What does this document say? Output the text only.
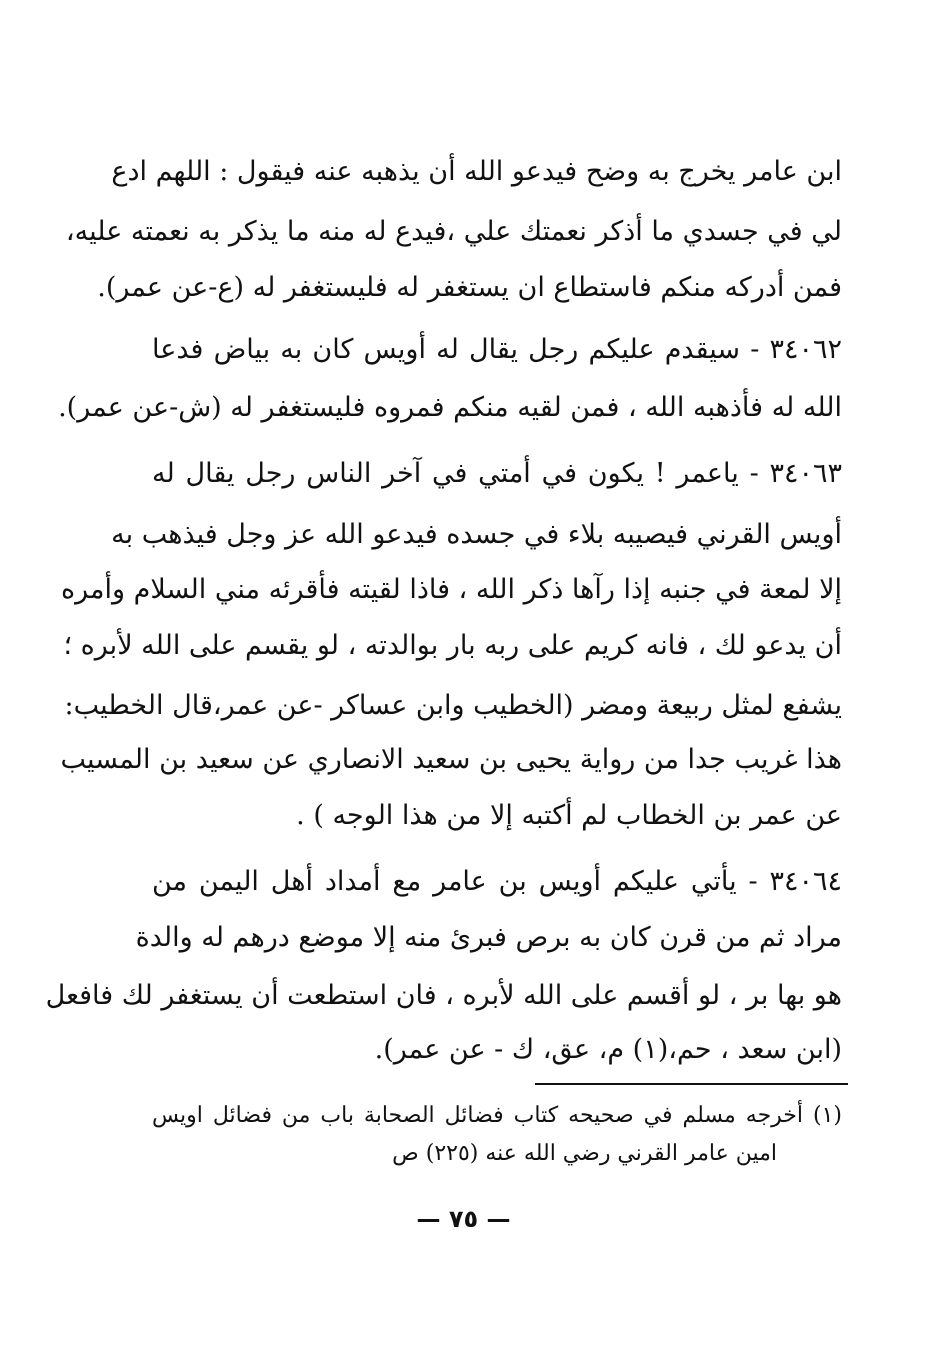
ابن عامر يخرج به وضح فيدعو الله أن يذهبه عنه فيقول : اللهم ادع
لي في جسدي ما أذكر نعمتك علي ،فيدع له منه ما يذكر به نعمته عليه،
فمن أدركه منكم فاستطاع ان يستغفر له فليستغفر له (ع-عن عمر).
٣٤٠٦٢ - سيقدم عليكم رجل يقال له أويس كان به بياض فدعا
الله له فأذهبه الله ، فمن لقيه منكم فمروه فليستغفر له (ش-عن عمر).
٣٤٠٦٣ - ياعمر ! يكون في أمتي في آخر الناس رجل يقال له
أويس القرني فيصيبه بلاء في جسده فيدعو الله عز وجل فيذهب به
إلا لمعة في جنبه إذا رآها ذكر الله ، فاذا لقيته فأقرئه مني السلام وأمره
أن يدعو لك ، فانه كريم على ربه بار بوالدته ، لو يقسم على الله لأبره ؛
يشفع لمثل ربيعة ومضر (الخطيب وابن عساكر -عن عمر،قال الخطيب:
هذا غريب جدا من رواية يحيى بن سعيد الانصاري عن سعيد بن المسيب
عن عمر بن الخطاب لم أكتبه إلا من هذا الوجه ) .
٣٤٠٦٤ - يأتي عليكم أويس بن عامر مع أمداد أهل اليمن من
مراد ثم من قرن كان به برص فبرئ منه إلا موضع درهم له والدة
هو بها بر ، لو أقسم على الله لأبره ، فان استطعت أن يستغفر لك فافعل
(ابن سعد ، حم،(١) م، عق، ك - عن عمر).
(١) أخرجه مسلم في صحيحه كتاب فضائل الصحابة باب من فضائل اويس
امين عامر القرني رضي الله عنه (٢٢٥) ص
— ٧٥ —
